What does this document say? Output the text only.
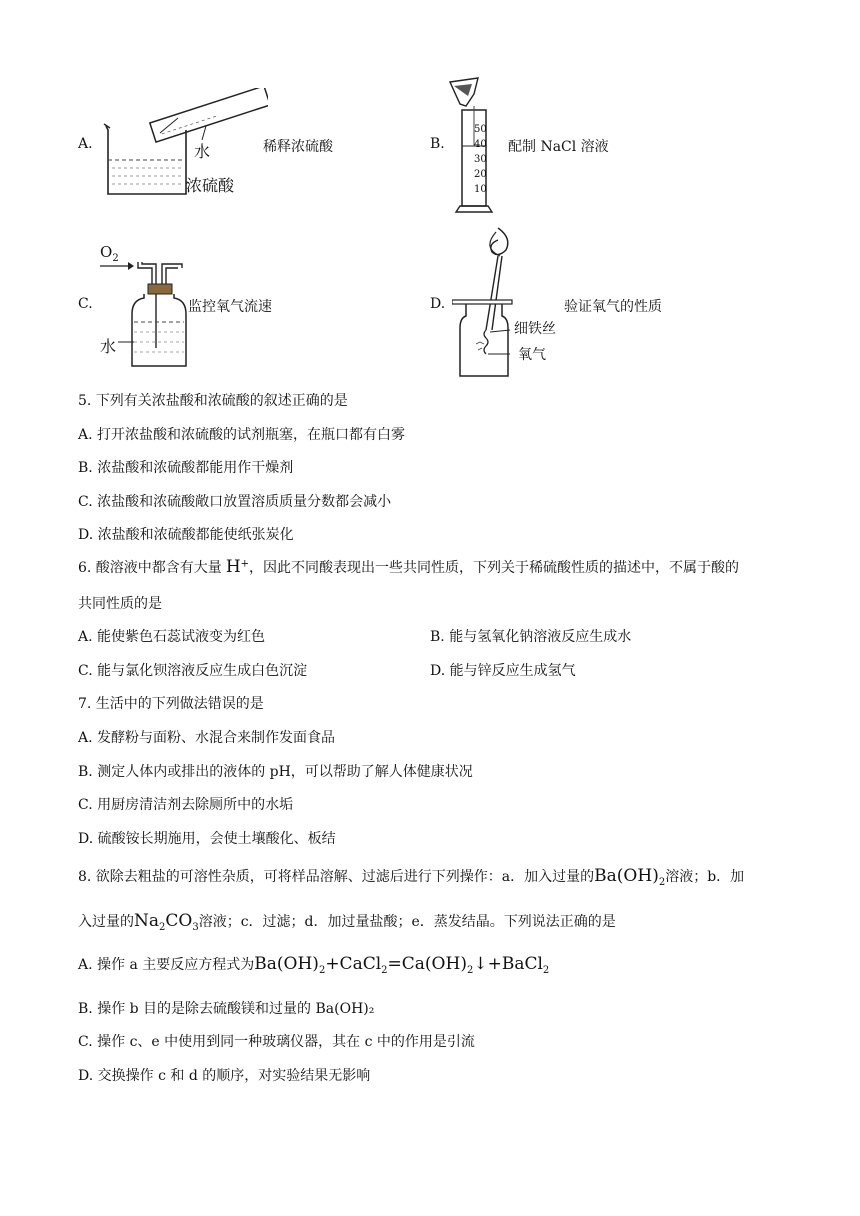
A.	水
浓硫酸
稀释浓硫酸	B.
50
40
30
20
10
配制 NaCl 溶液
C.
$O_2$
水
监控氧气流速	D.
细铁丝
氧气
验证氧气的性质
5. 下列有关浓盐酸和浓硫酸的叙述正确的是
A. 打开浓盐酸和浓硫酸的试剂瓶塞，在瓶口都有白雾
B. 浓盐酸和浓硫酸都能用作干燥剂
C. 浓盐酸和浓硫酸敞口放置溶质质量分数都会减小
D. 浓盐酸和浓硫酸都能使纸张炭化
6. 酸溶液中都含有大量 H+，因此不同酸表现出一些共同性质，下列关于稀硫酸性质的描述中，不属于酸的
共同性质的是
A. 能使紫色石蕊试液变为红色	B. 能与氢氧化钠溶液反应生成水
C. 能与氯化钡溶液反应生成白色沉淀	D. 能与锌反应生成氢气
7. 生活中的下列做法错误的是
A. 发酵粉与面粉、水混合来制作发面食品
B. 测定人体内或排出的液体的 pH，可以帮助了解人体健康状况
C. 用厨房清洁剂去除厕所中的水垢
D. 硫酸铵长期施用，会使土壤酸化、板结
8. 欲除去粗盐的可溶性杂质，可将样品溶解、过滤后进行下列操作：a．加入过量的$Ba(OH)_2$溶液；b．加
入过量的$Na_2CO_3$溶液；c．过滤；d．加过量盐酸；e．蒸发结晶。下列说法正确的是
A. 操作 a 主要反应方程式为$Ba(OH)_2+CaCl_2=Ca(OH)_2↓+BaCl_2$
B. 操作 b 目的是除去硫酸镁和过量的 Ba(OH)₂
C. 操作 c、e 中使用到同一种玻璃仪器，其在 c 中的作用是引流
D. 交换操作 c 和 d 的顺序，对实验结果无影响
